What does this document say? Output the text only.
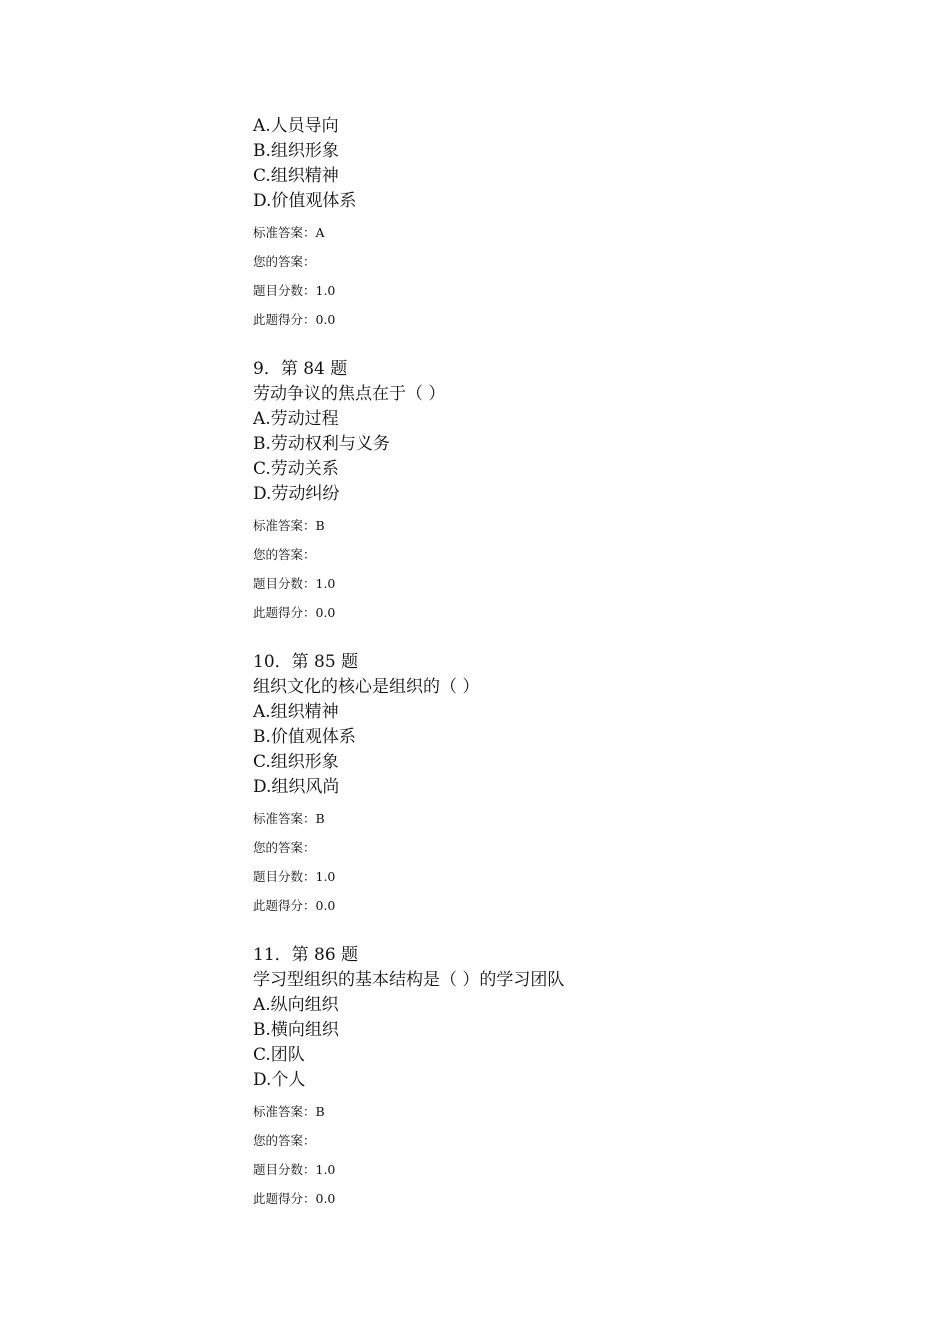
A.人员导向
B.组织形象
C.组织精神
D.价值观体系
标准答案：A
您的答案：
题目分数：1.0
此题得分：0.0
9．第 84 题
劳动争议的焦点在于（ ）
A.劳动过程
B.劳动权利与义务
C.劳动关系
D.劳动纠纷
标准答案：B
您的答案：
题目分数：1.0
此题得分：0.0
10．第 85 题
组织文化的核心是组织的（ ）
A.组织精神
B.价值观体系
C.组织形象
D.组织风尚
标准答案：B
您的答案：
题目分数：1.0
此题得分：0.0
11．第 86 题
学习型组织的基本结构是（ ）的学习团队
A.纵向组织
B.横向组织
C.团队
D.个人
标准答案：B
您的答案：
题目分数：1.0
此题得分：0.0
